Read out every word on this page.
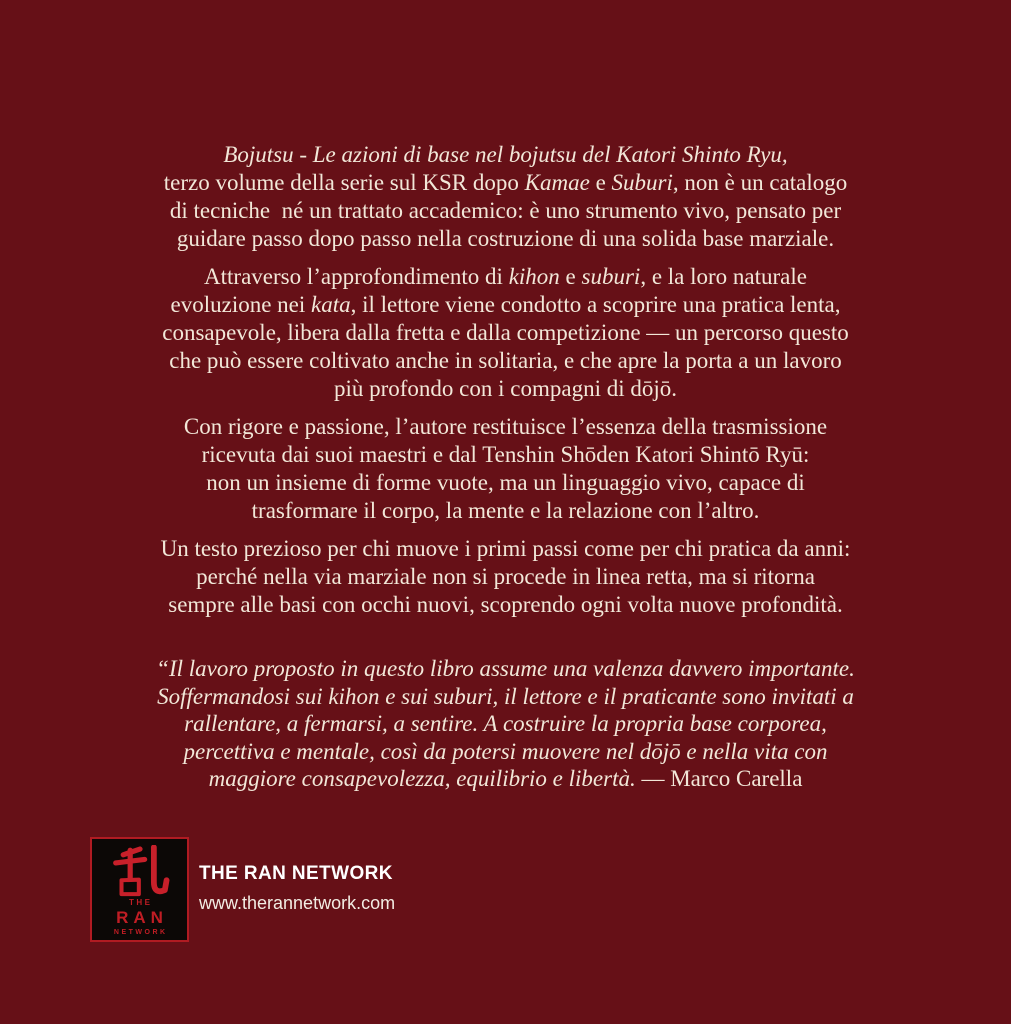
Bojutsu - Le azioni di base nel bojutsu del Katori Shinto Ryu,
terzo volume della serie sul KSR dopo Kamae e Suburi, non è un catalogo
di tecniche  né un trattato accademico: è uno strumento vivo, pensato per
guidare passo dopo passo nella costruzione di una solida base marziale.
Attraverso l’approfondimento di kihon e suburi, e la loro naturale
evoluzione nei kata, il lettore viene condotto a scoprire una pratica lenta,
consapevole, libera dalla fretta e dalla competizione — un percorso questo
che può essere coltivato anche in solitaria, e che apre la porta a un lavoro
più profondo con i compagni di dōjō.
Con rigore e passione, l’autore restituisce l’essenza della trasmissione
ricevuta dai suoi maestri e dal Tenshin Shōden Katori Shintō Ryū:
non un insieme di forme vuote, ma un linguaggio vivo, capace di
trasformare il corpo, la mente e la relazione con l’altro.
Un testo prezioso per chi muove i primi passi come per chi pratica da anni:
perché nella via marziale non si procede in linea retta, ma si ritorna
sempre alle basi con occhi nuovi, scoprendo ogni volta nuove profondità.
“Il lavoro proposto in questo libro assume una valenza davvero importante.
Soffermandosi sui kihon e sui suburi, il lettore e il praticante sono invitati a
rallentare, a fermarsi, a sentire. A costruire la propria base corporea,
percettiva e mentale, così da potersi muovere nel dōjō e nella vita con
maggiore consapevolezza, equilibrio e libertà. — Marco Carella
THE
RAN
NETWORK
THE RAN NETWORK
www.therannetwork.com
